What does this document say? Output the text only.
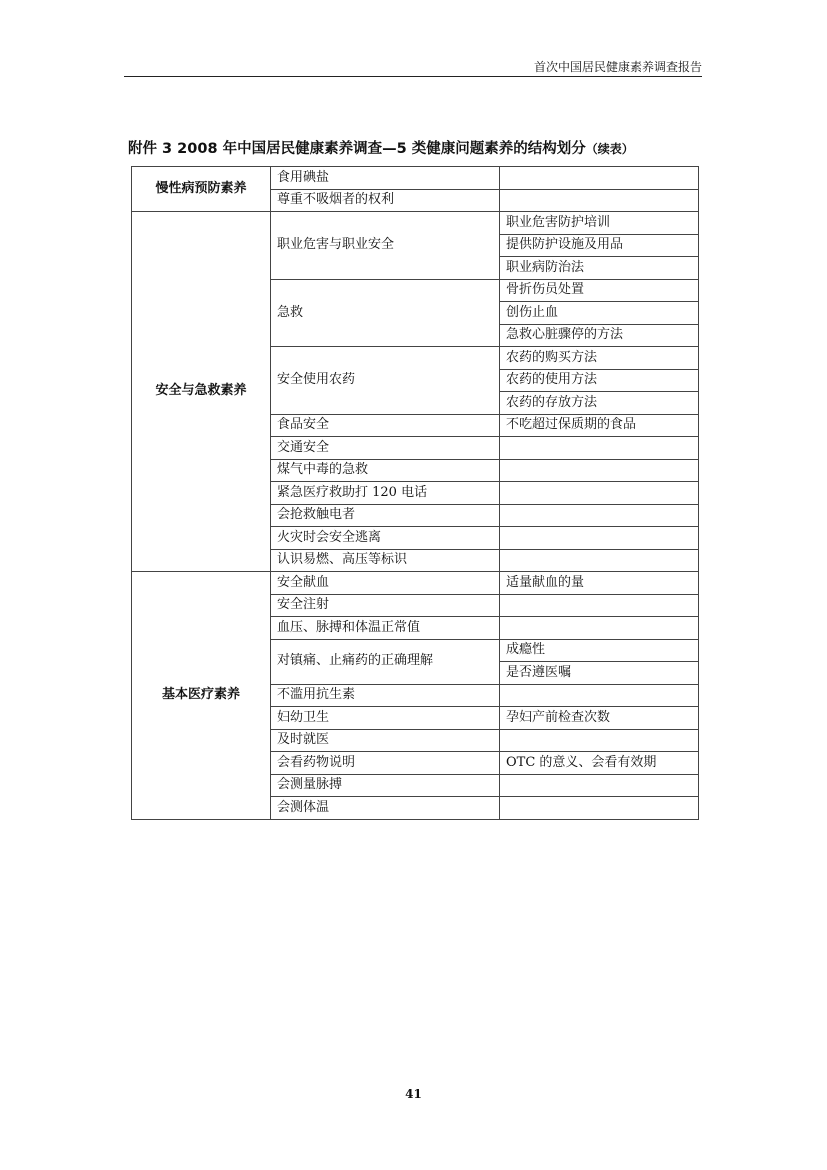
首次中国居民健康素养调查报告
附件 3 2008 年中国居民健康素养调查—5 类健康问题素养的结构划分（续表）
慢性病预防素养	食用碘盐	
	尊重不吸烟者的权利	
安全与急救素养	职业危害与职业安全	职业危害防护培训
		提供防护设施及用品
		职业病防治法
	急救	骨折伤员处置
		创伤止血
		急救心脏骤停的方法
	安全使用农药	农药的购买方法
		农药的使用方法
		农药的存放方法
	食品安全	不吃超过保质期的食品
	交通安全	
	煤气中毒的急救	
	紧急医疗救助打 120 电话	
	会抢救触电者	
	火灾时会安全逃离	
	认识易燃、高压等标识	
基本医疗素养	安全献血	适量献血的量
	安全注射	
	血压、脉搏和体温正常值	
	对镇痛、止痛药的正确理解	成瘾性
		是否遵医嘱
	不滥用抗生素	
	妇幼卫生	孕妇产前检查次数
	及时就医	
	会看药物说明	OTC 的意义、会看有效期
	会测量脉搏	
	会测体温	
41
